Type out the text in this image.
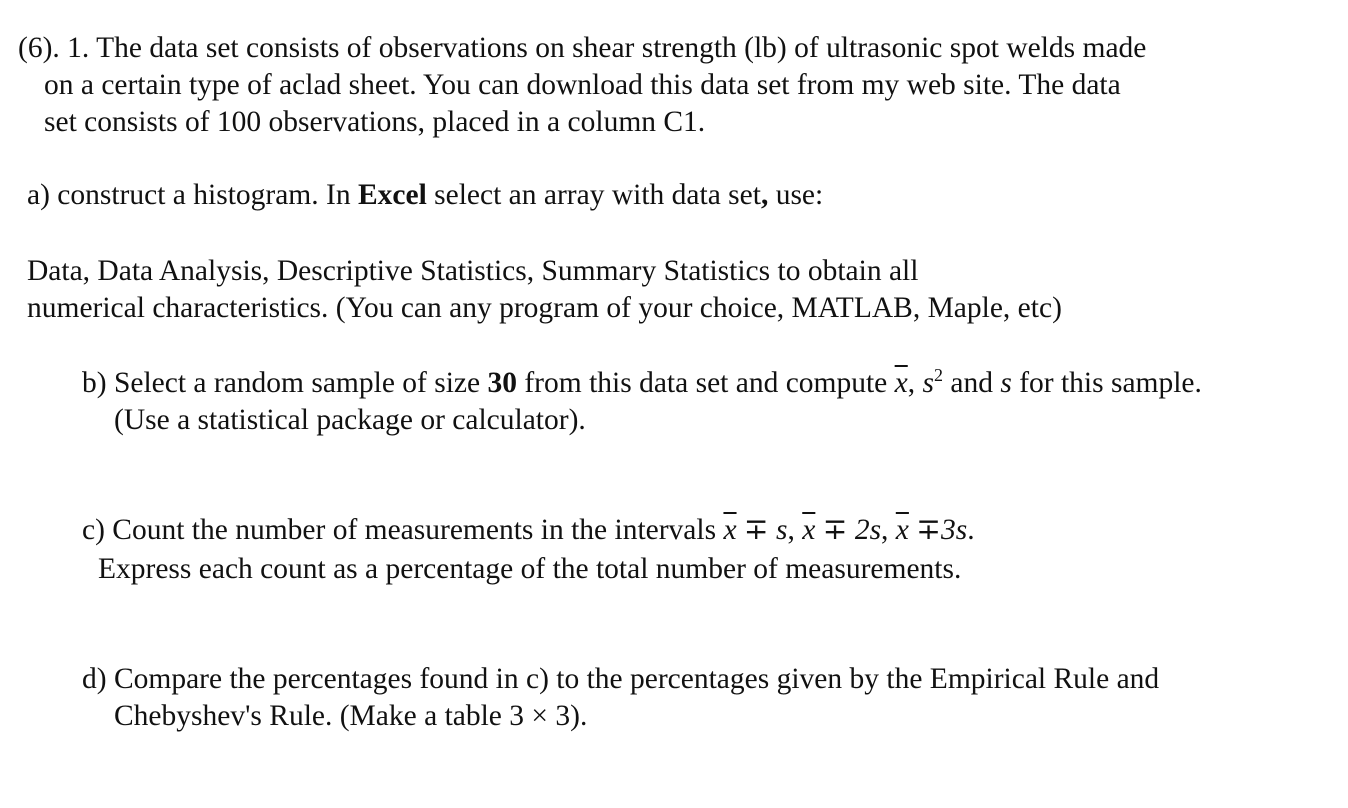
(6). 1. The data set consists of observations on shear strength (lb) of ultrasonic spot welds made
on a certain type of aclad sheet. You can download this data set from my web site. The data
set consists of 100 observations, placed in a column C1.
a) construct a histogram. In Excel select an array with data set, use:
Data, Data Analysis, Descriptive Statistics, Summary Statistics to obtain all
numerical characteristics. (You can any program of your choice, MATLAB, Maple, etc)
b) Select a random sample of size 30 from this data set and compute $\overline{x}$, $s^2$ and s for this sample.
(Use a statistical package or calculator).
c) Count the number of measurements in the intervals $\overline{x} \mp s$, $\overline{x} \mp 2s$, $\overline{x} \mp 3s$.
Express each count as a percentage of the total number of measurements.
d) Compare the percentages found in c) to the percentages given by the Empirical Rule and
Chebyshev's Rule. (Make a table 3 × 3).
